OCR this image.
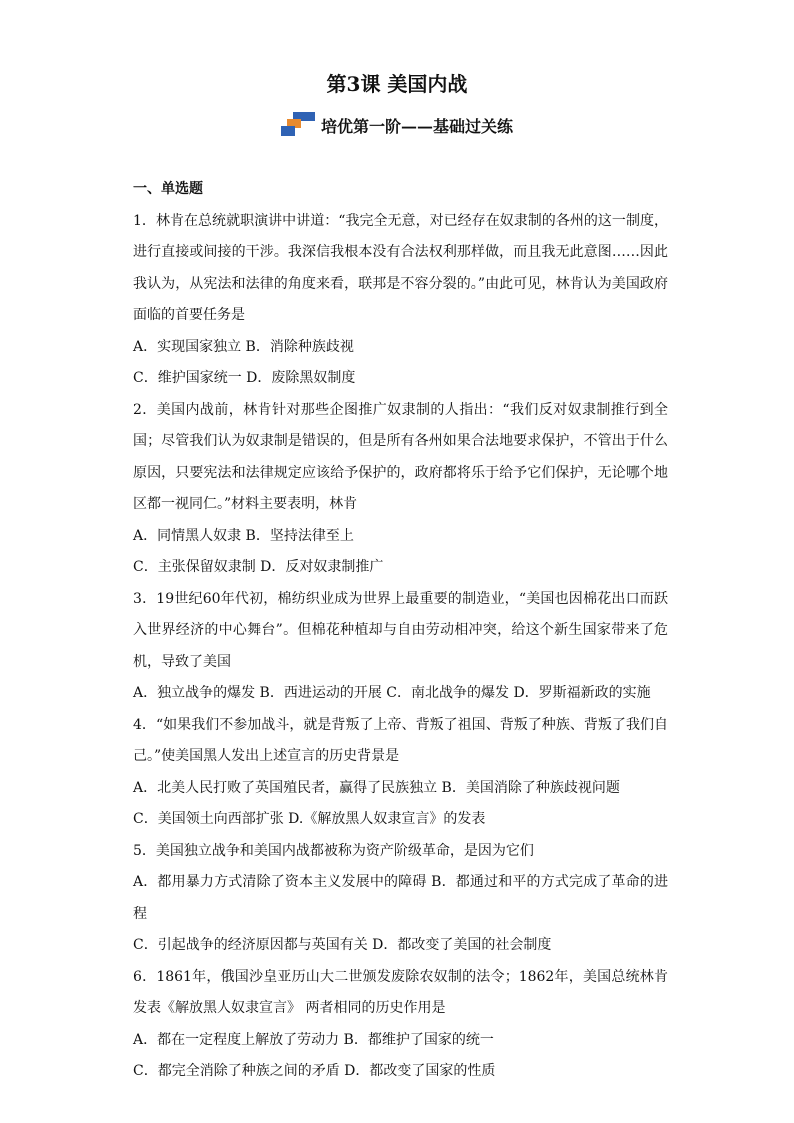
第3课 美国内战
培优第一阶——基础过关练
一、单选题

1．林肯在总统就职演讲中讲道：“我完全无意，对已经存在奴隶制的各州的这一制度，进行直接或间接的干涉。我深信我根本没有合法权利那样做，而且我无此意图……因此我认为，从宪法和法律的角度来看，联邦是不容分裂的。”由此可见，林肯认为美国政府面临的首要任务是

A．实现国家独立 B．消除种族歧视

C．维护国家统一 D．废除黑奴制度

2．美国内战前，林肯针对那些企图推广奴隶制的人指出：“我们反对奴隶制推行到全国；尽管我们认为奴隶制是错误的，但是所有各州如果合法地要求保护，不管出于什么原因，只要宪法和法律规定应该给予保护的，政府都将乐于给予它们保护，无论哪个地区都一视同仁。”材料主要表明，林肯

A．同情黑人奴隶 B．坚持法律至上

C．主张保留奴隶制 D．反对奴隶制推广

3．19世纪60年代初，棉纺织业成为世界上最重要的制造业，“美国也因棉花出口而跃入世界经济的中心舞台”。但棉花种植却与自由劳动相冲突，给这个新生国家带来了危机，导致了美国

A．独立战争的爆发 B．西进运动的开展 C．南北战争的爆发 D．罗斯福新政的实施

4．“如果我们不参加战斗，就是背叛了上帝、背叛了祖国、背叛了种族、背叛了我们自己。”使美国黑人发出上述宣言的历史背景是

A．北美人民打败了英国殖民者，赢得了民族独立 B．美国消除了种族歧视问题

C．美国领土向西部扩张 D.《解放黑人奴隶宣言》的发表

5．美国独立战争和美国内战都被称为资产阶级革命，是因为它们

A．都用暴力方式清除了资本主义发展中的障碍 B．都通过和平的方式完成了革命的进程

C．引起战争的经济原因都与英国有关 D．都改变了美国的社会制度

6．1861年，俄国沙皇亚历山大二世颁发废除农奴制的法令；1862年，美国总统林肯发表《解放黑人奴隶宣言》 两者相同的历史作用是

A．都在一定程度上解放了劳动力 B．都维护了国家的统一

C．都完全消除了种族之间的矛盾 D．都改变了国家的性质
